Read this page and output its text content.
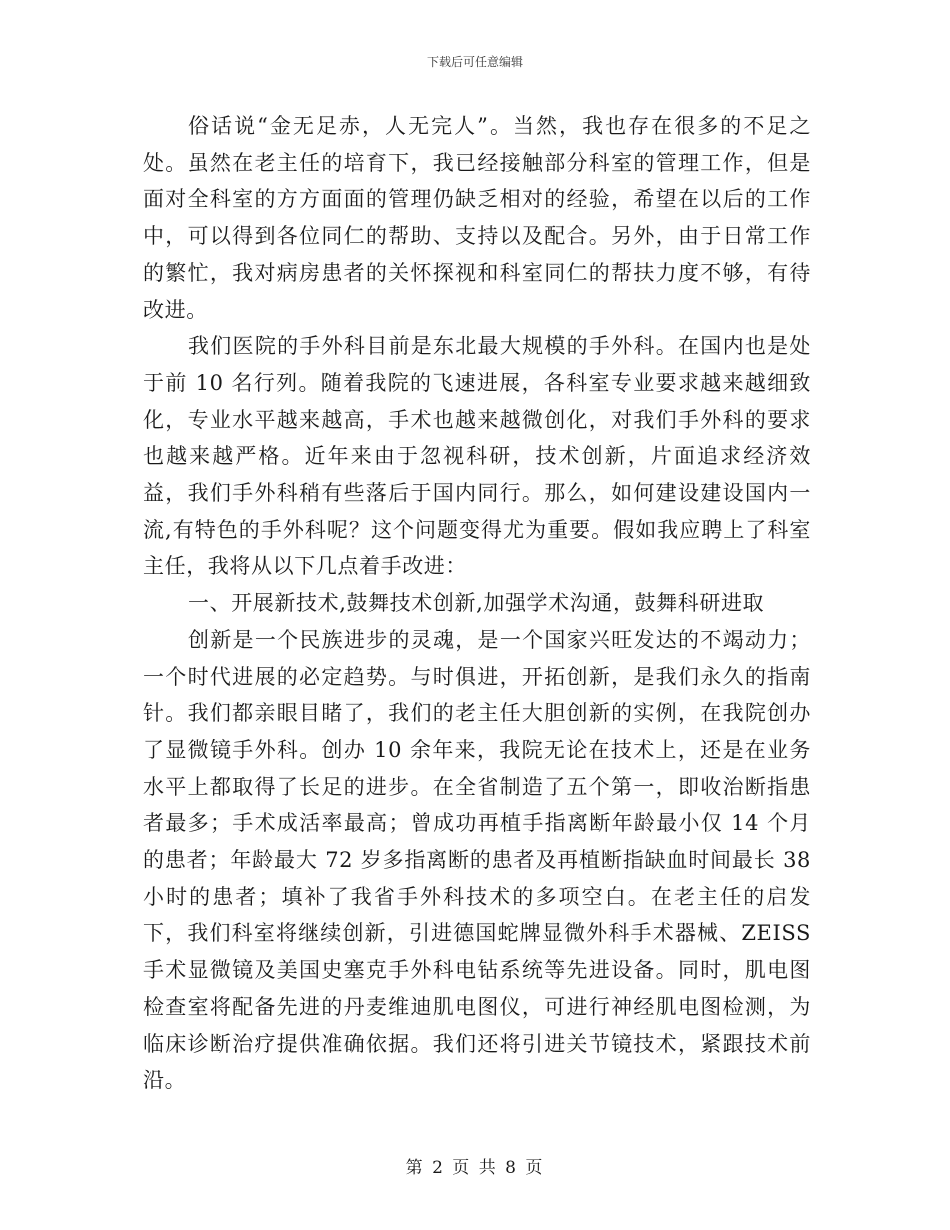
下载后可任意编辑

俗话说“金无足赤，人无完人”。当然，我也存在很多的不足之处。虽然在老主任的培育下，我已经接触部分科室的管理工作，但是面对全科室的方方面面的管理仍缺乏相对的经验，希望在以后的工作中，可以得到各位同仁的帮助、支持以及配合。另外，由于日常工作的繁忙，我对病房患者的关怀探视和科室同仁的帮扶力度不够，有待改进。

我们医院的手外科目前是东北最大规模的手外科。在国内也是处于前 10 名行列。随着我院的飞速进展，各科室专业要求越来越细致化，专业水平越来越高，手术也越来越微创化，对我们手外科的要求也越来越严格。近年来由于忽视科研，技术创新，片面追求经济效益，我们手外科稍有些落后于国内同行。那么，如何建设建设国内一流,有特色的手外科呢？这个问题变得尤为重要。假如我应聘上了科室主任，我将从以下几点着手改进：

一、开展新技术,鼓舞技术创新,加强学术沟通，鼓舞科研进取

创新是一个民族进步的灵魂，是一个国家兴旺发达的不竭动力；一个时代进展的必定趋势。与时俱进，开拓创新，是我们永久的指南针。我们都亲眼目睹了，我们的老主任大胆创新的实例，在我院创办了显微镜手外科。创办 10 余年来，我院无论在技术上，还是在业务水平上都取得了长足的进步。在全省制造了五个第一，即收治断指患者最多；手术成活率最高；曾成功再植手指离断年龄最小仅 14 个月的患者；年龄最大 72 岁多指离断的患者及再植断指缺血时间最长 38 小时的患者；填补了我省手外科技术的多项空白。在老主任的启发下，我们科室将继续创新，引进德国蛇牌显微外科手术器械、ZEISS 手术显微镜及美国史塞克手外科电钻系统等先进设备。同时，肌电图检查室将配备先进的丹麦维迪肌电图仪，可进行神经肌电图检测，为临床诊断治疗提供准确依据。我们还将引进关节镜技术，紧跟技术前沿。

第 2 页 共 8 页
